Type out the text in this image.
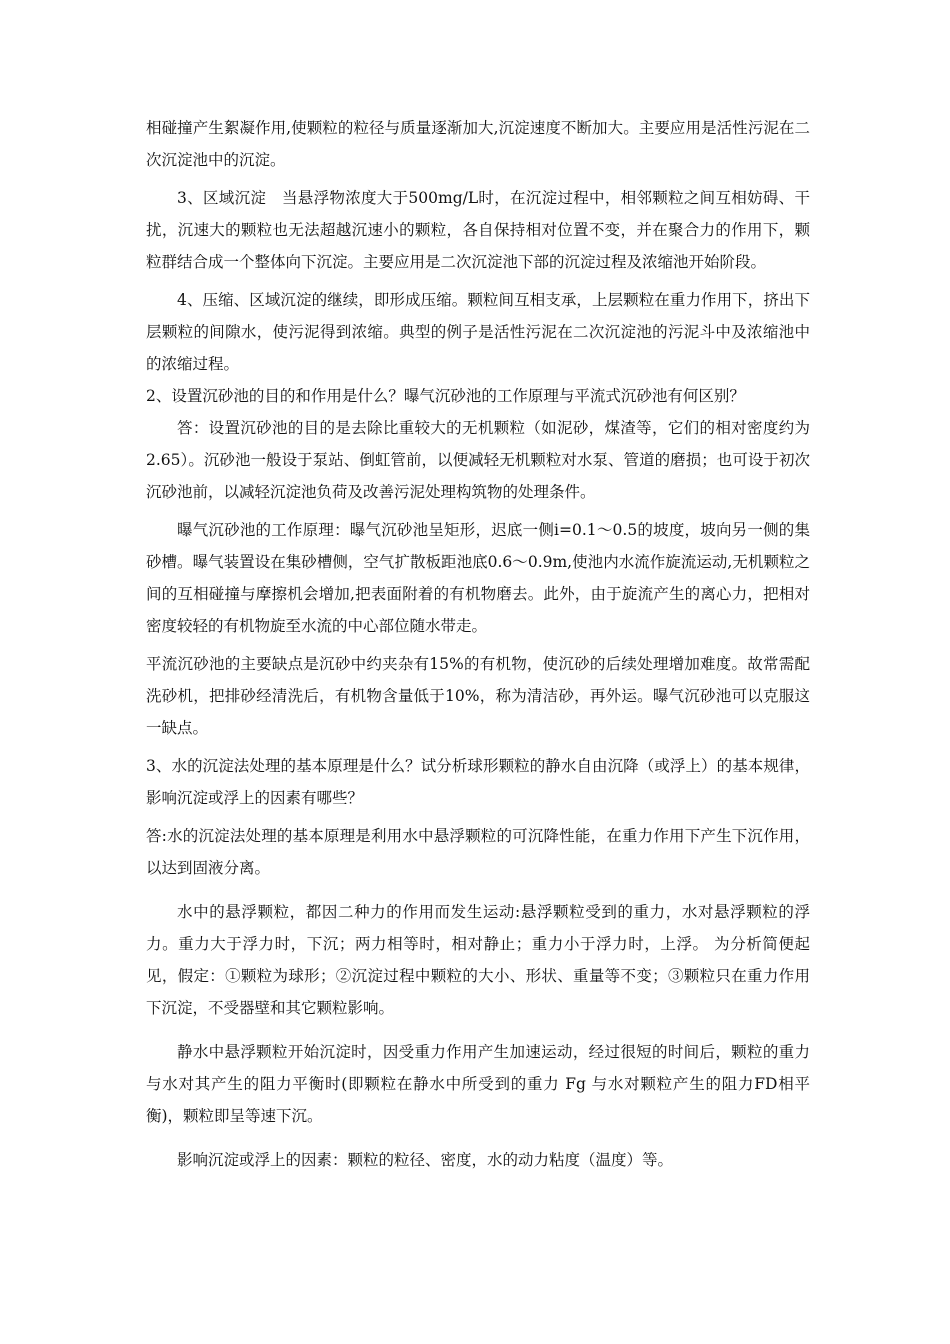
相碰撞产生絮凝作用,使颗粒的粒径与质量逐渐加大,沉淀速度不断加大。主要应用是活性污泥在二次沉淀池中的沉淀。

3、区域沉淀　当悬浮物浓度大于500mg/L时，在沉淀过程中，相邻颗粒之间互相妨碍、干扰，沉速大的颗粒也无法超越沉速小的颗粒，各自保持相对位置不变，并在聚合力的作用下，颗粒群结合成一个整体向下沉淀。主要应用是二次沉淀池下部的沉淀过程及浓缩池开始阶段。

4、压缩、区域沉淀的继续，即形成压缩。颗粒间互相支承，上层颗粒在重力作用下，挤出下层颗粒的间隙水，使污泥得到浓缩。典型的例子是活性污泥在二次沉淀池的污泥斗中及浓缩池中的浓缩过程。

2、设置沉砂池的目的和作用是什么？曝气沉砂池的工作原理与平流式沉砂池有何区别？

答：设置沉砂池的目的是去除比重较大的无机颗粒（如泥砂，煤渣等，它们的相对密度约为2.65）。沉砂池一般设于泵站、倒虹管前，以便减轻无机颗粒对水泵、管道的磨损；也可设于初次沉砂池前，以减轻沉淀池负荷及改善污泥处理构筑物的处理条件。

曝气沉砂池的工作原理：曝气沉砂池呈矩形，迟底一侧i=0.1～0.5的坡度，坡向另一侧的集砂槽。曝气装置设在集砂槽侧，空气扩散板距池底0.6～0.9m,使池内水流作旋流运动,无机颗粒之间的互相碰撞与摩擦机会增加,把表面附着的有机物磨去。此外，由于旋流产生的离心力，把相对密度较轻的有机物旋至水流的中心部位随水带走。

平流沉砂池的主要缺点是沉砂中约夹杂有15%的有机物，使沉砂的后续处理增加难度。故常需配洗砂机，把排砂经清洗后，有机物含量低于10%，称为清洁砂，再外运。曝气沉砂池可以克服这一缺点。

3、水的沉淀法处理的基本原理是什么？试分析球形颗粒的静水自由沉降（或浮上）的基本规律，影响沉淀或浮上的因素有哪些？

答:水的沉淀法处理的基本原理是利用水中悬浮颗粒的可沉降性能，在重力作用下产生下沉作用，以达到固液分离。

水中的悬浮颗粒，都因二种力的作用而发生运动:悬浮颗粒受到的重力，水对悬浮颗粒的浮力。重力大于浮力时，下沉；两力相等时，相对静止；重力小于浮力时，上浮。 为分析简便起见，假定：①颗粒为球形；②沉淀过程中颗粒的大小、形状、重量等不变；③颗粒只在重力作用下沉淀，不受器壁和其它颗粒影响。

静水中悬浮颗粒开始沉淀时，因受重力作用产生加速运动，经过很短的时间后，颗粒的重力与水对其产生的阻力平衡时(即颗粒在静水中所受到的重力 Fg 与水对颗粒产生的阻力FD相平衡)，颗粒即呈等速下沉。

影响沉淀或浮上的因素：颗粒的粒径、密度，水的动力粘度（温度）等。
